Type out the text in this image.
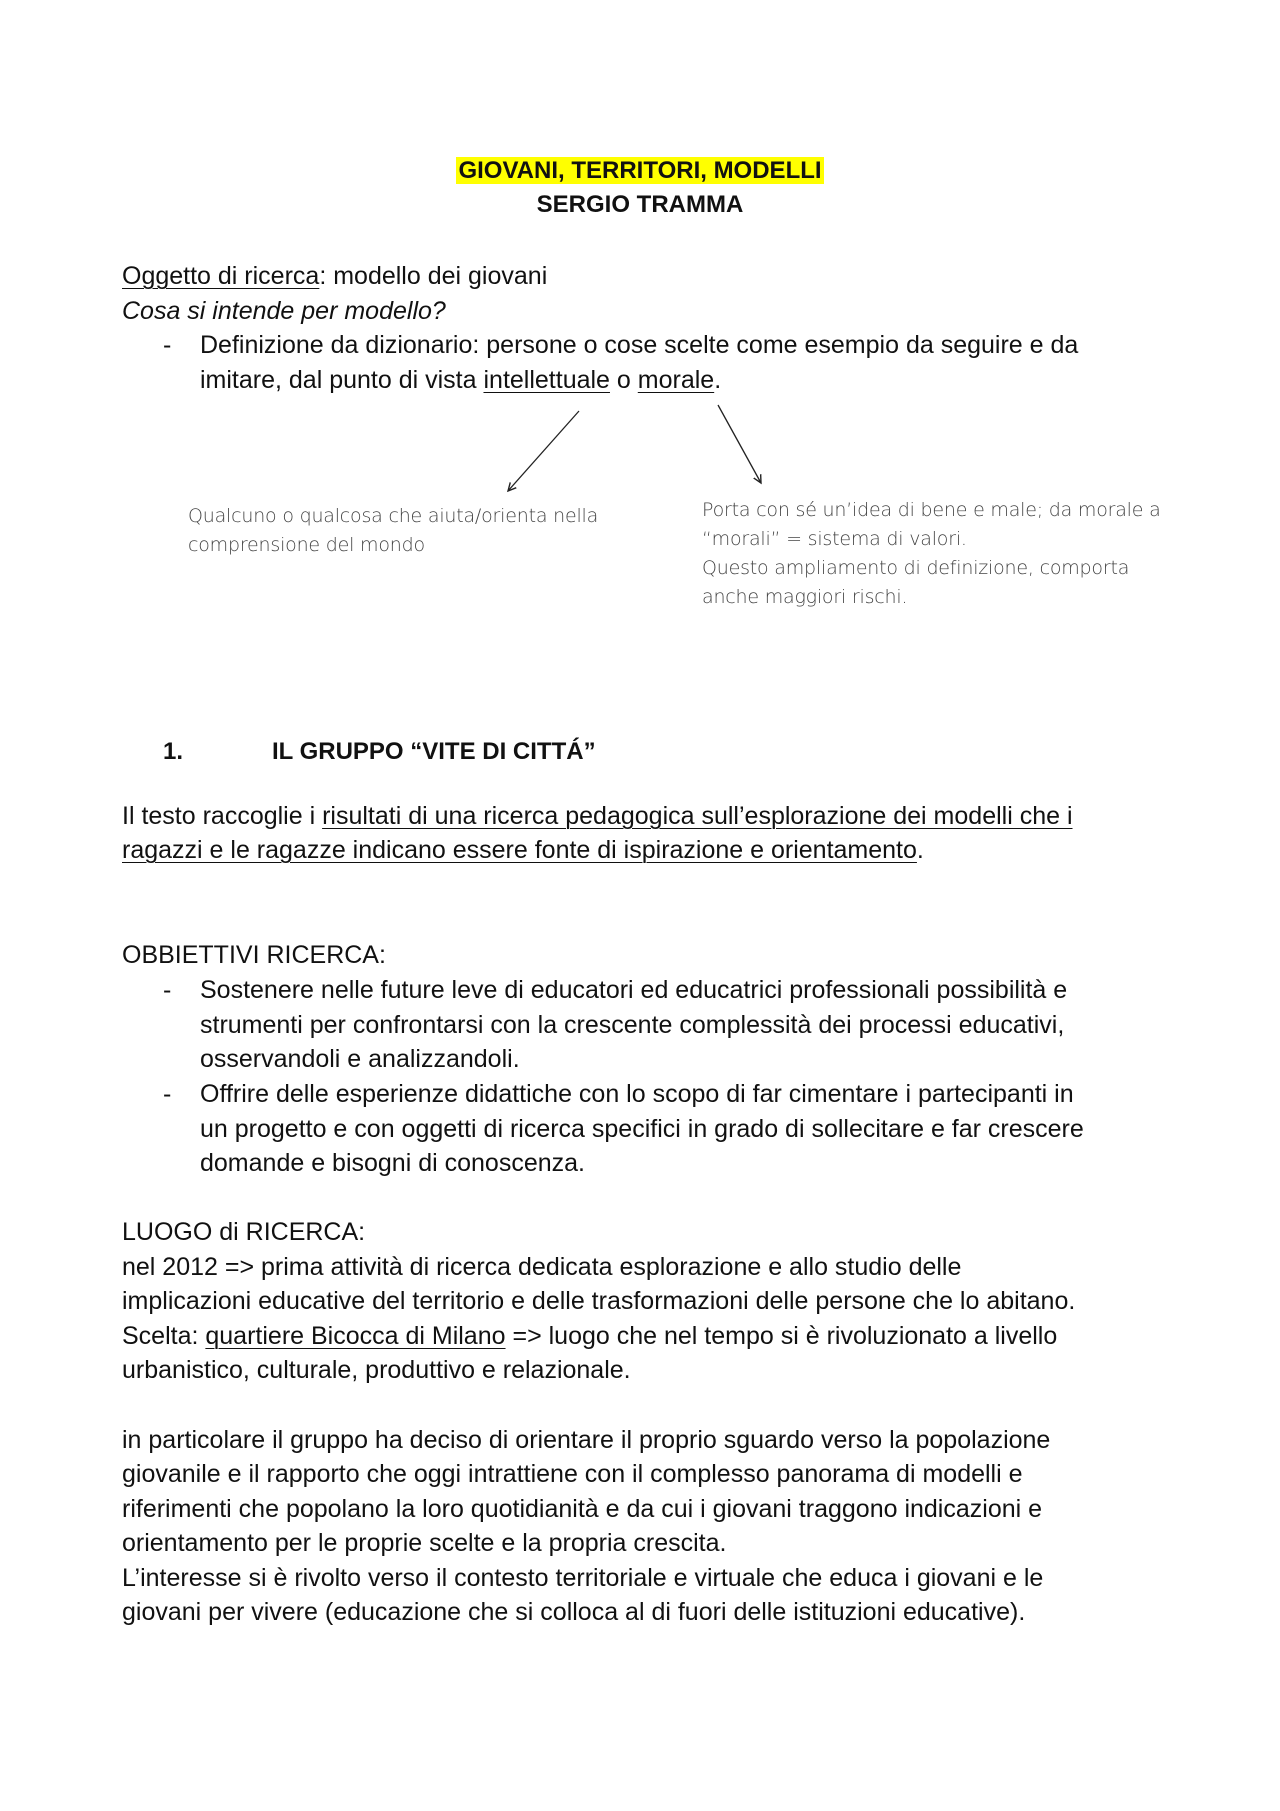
GIOVANI, TERRITORI, MODELLI
SERGIO TRAMMA
Oggetto di ricerca: modello dei giovani
Cosa si intende per modello?
-	Definizione da dizionario: persone o cose scelte come esempio da seguire e da
imitare, dal punto di vista intellettuale o morale.
Qualcuno o qualcosa che aiuta/orienta nella
comprensione del mondo
Porta con sé un’idea di bene e male; da morale a
“morali” = sistema di valori.
Questo ampliamento di definizione, comporta
anche maggiori rischi.
1.	IL GRUPPO “VITE DI CITTÁ”
Il testo raccoglie i risultati di una ricerca pedagogica sull’esplorazione dei modelli che i
ragazzi e le ragazze indicano essere fonte di ispirazione e orientamento.
OBBIETTIVI RICERCA:
-	Sostenere nelle future leve di educatori ed educatrici professionali possibilità e
strumenti per confrontarsi con la crescente complessità dei processi educativi,
osservandoli e analizzandoli.
-	Offrire delle esperienze didattiche con lo scopo di far cimentare i partecipanti in
un progetto e con oggetti di ricerca specifici in grado di sollecitare e far crescere
domande e bisogni di conoscenza.
LUOGO di RICERCA:
nel 2012 => prima attività di ricerca dedicata esplorazione e allo studio delle
implicazioni educative del territorio e delle trasformazioni delle persone che lo abitano.
Scelta: quartiere Bicocca di Milano => luogo che nel tempo si è rivoluzionato a livello
urbanistico, culturale, produttivo e relazionale.
in particolare il gruppo ha deciso di orientare il proprio sguardo verso la popolazione
giovanile e il rapporto che oggi intrattiene con il complesso panorama di modelli e
riferimenti che popolano la loro quotidianità e da cui i giovani traggono indicazioni e
orientamento per le proprie scelte e la propria crescita.
L’interesse si è rivolto verso il contesto territoriale e virtuale che educa i giovani e le
giovani per vivere (educazione che si colloca al di fuori delle istituzioni educative).
